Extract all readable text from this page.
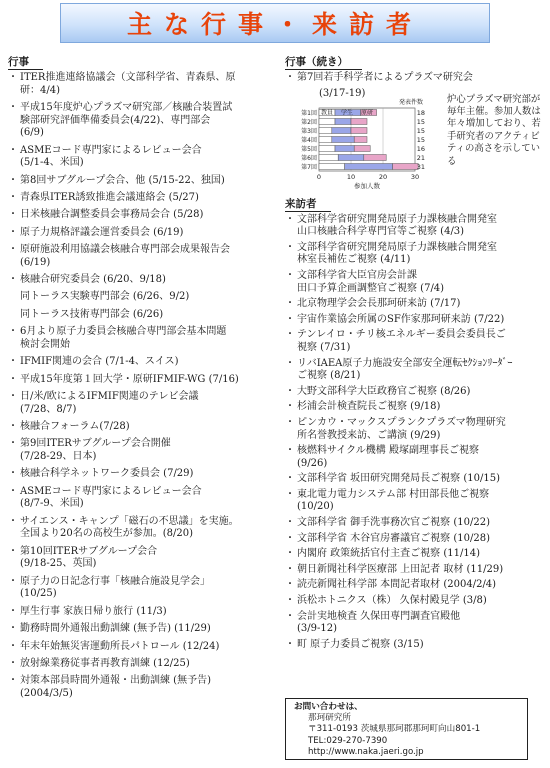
主な行事・来訪者
行事
・ ITER推進連絡協議会（文部科学省、青森県、原
研：4/4)
・ 平成15年度炉心プラズマ研究部／核融合装置試
験部研究評価準備委員会(4/22)、専門部会
(6/9)
・ ASMEコード専門家によるレビュー会合
(5/1-4、米国)
・ 第8回サブグループ会合、他 (5/15-22、独国)
・ 青森県ITER誘致推進会議連絡会 (5/27)
・ 日米核融合調整委員会事務局会合 (5/28)
・ 原子力規格評議会運営委員会 (6/19)
・ 原研施設利用協議会核融合専門部会成果報告会
(6/19)
・ 核融合研究委員会 (6/20、9/18)
同トーラス実験専門部会 (6/26、9/2)
同トーラス技術専門部会 (6/26)
・ 6月より原子力委員会核融合専門部会基本問題
検討会開始
・ IFMIF関連の会合 (7/1-4、スイス)
・ 平成15年度第１回大学・原研IFMIF-WG (7/16)
・ 日/米/欧によるIFMIF関連のテレビ会議
(7/28、8/7)
・ 核融合フォーラム(7/28)
・ 第9回ITERサブグループ会合開催
(7/28-29、日本)
・ 核融合科学ネットワーク委員会 (7/29)
・ ASMEコード専門家によるレビュー会合
(8/7-9、米国)
・ サイエンス・キャンプ「磁石の不思議」を実施。
全国より20名の高校生が参加。(8/20)
・ 第10回ITERサブグループ会合
(9/18-25、英国)
・ 原子力の日記念行事「核融合施設見学会」
(10/25)
・ 厚生行事 家族日帰り旅行 (11/3)
・ 勤務時間外通報出動訓練 (無予告) (11/29)
・ 年末年始無災害運動所長パトロール (12/24)
・ 放射線業務従事者再教育訓練 (12/25)
・ 対策本部員時間外通報・出動訓練 (無予告)
(2004/3/5)
行事（続き）
・ 第7回若手科学者によるプラズマ研究会
(3/17-19)
0	10	20	30
第1回	18
第2回	15
第3回	15
第4回	15
第5回	16
第6回	21
第7回	31
教員 学生 原研
発表件数
参加人数
炉心プラズマ研究部が毎年主催。参加人数は年々増加しており、若手研究者のアクティビティの高さを示している
来訪者
・ 文部科学省研究開発局原子力課核融合開発室
山口核融合科学専門官等ご視察 (4/3)
・ 文部科学省研究開発局原子力課核融合開発室
林室長補佐ご視察 (4/11)
・ 文部科学省大臣官房会計課
田口予算企画調整官ご視察 (7/4)
・ 北京物理学会会長那珂研来訪 (7/17)
・ 宇宙作業協会所属のSF作家那珂研来訪 (7/22)
・ テンレイロ・チリ核エネルギー委員会委員長ご
視察 (7/31)
・ リバIAEA原子力施設安全部安全運転ｾｸｼｮﾝﾘｰﾀﾞｰ
ご視察 (8/21)
・ 大野文部科学大臣政務官ご視察 (8/26)
・ 杉浦会計検査院長ご視察 (9/18)
・ ピンカウ・マックスプランクプラズマ物理研究
所名誉教授来訪、ご講演 (9/29)
・ 核燃料サイクル機構 殿塚副理事長ご視察
(9/26)
・ 文部科学省 坂田研究開発局長ご視察 (10/15)
・ 東北電力電力システム部 村田部長他ご視察
(10/20)
・ 文部科学省 御手洗事務次官ご視察 (10/22)
・ 文部科学省 木谷官房審議官ご視察 (10/28)
・ 内閣府 政策統括官付主査ご視察 (11/14)
・ 朝日新聞社科学医療部 上田記者 取材 (11/29)
・ 読売新聞社科学部 本間記者取材 (2004/2/4)
・ 浜松ホトニクス（株） 久保村殿見学 (3/8)
・ 会計実地検査 久保田専門調査官殿他
(3/9-12)
・ 町 原子力委員ご視察 (3/15)
お問い合わせは、
那珂研究所
〒311-0193 茨城県那珂郡那珂町向山801-1
TEL:029-270-7390
http://www.naka.jaeri.go.jp
